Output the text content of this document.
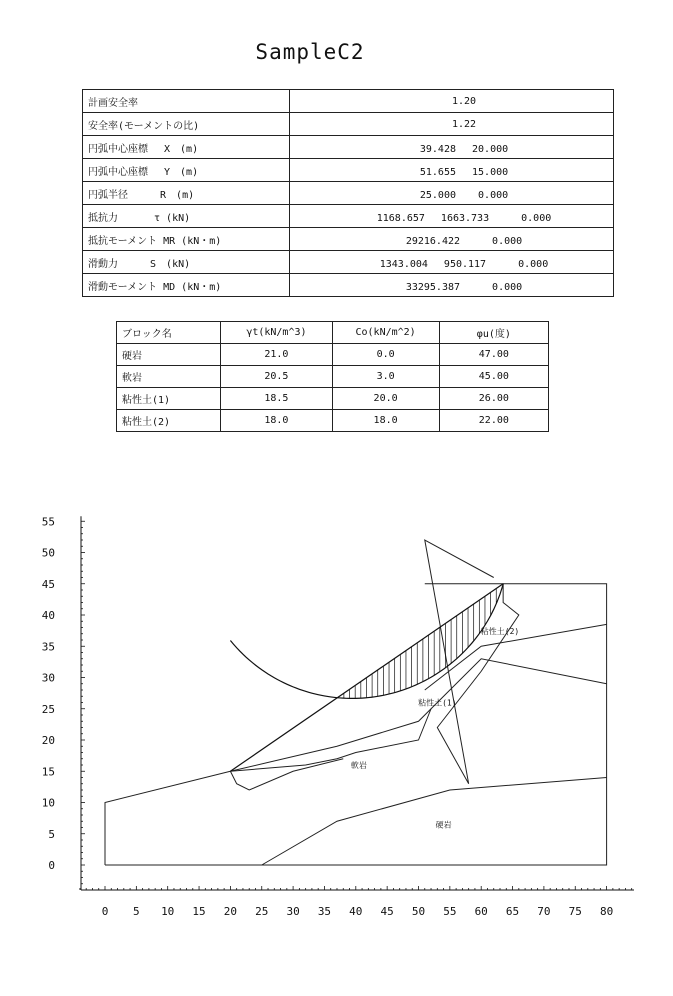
SampleC2
計画安全率	1.20
安全率(モーメントの比)	1.22
円弧中心座標　 X　(m)	39.428　 20.000
円弧中心座標　 Y　(m)	51.655　 15.000
円弧半径　 　 R　(m)	25.000　  0.000
抵抗力　　　 τ (kN)	1168.657　 1663.733　 　 0.000
抵抗モーメント MR (kN・m)	29216.422　 　 0.000
滑動力　 　 S　(kN)	1343.004　 950.117　 　 0.000
滑動モーメント MD (kN・m)	33295.387　 　 0.000
ブロック名	γt(kN/m^3)	Co(kN/m^2)	φu(度)
硬岩	21.0	0.0	47.00
軟岩	20.5	3.0	45.00
粘性土(1)	18.5	20.0	26.00
粘性土(2)	18.0	18.0	22.00
0 5 10 15 20 25 30 35 40 45 50 55 60 65 70 75 80
0
5
10
15
20
25
30
35
40
45
50
55
硬岩
軟岩
粘性土(1)
粘性土(2)
